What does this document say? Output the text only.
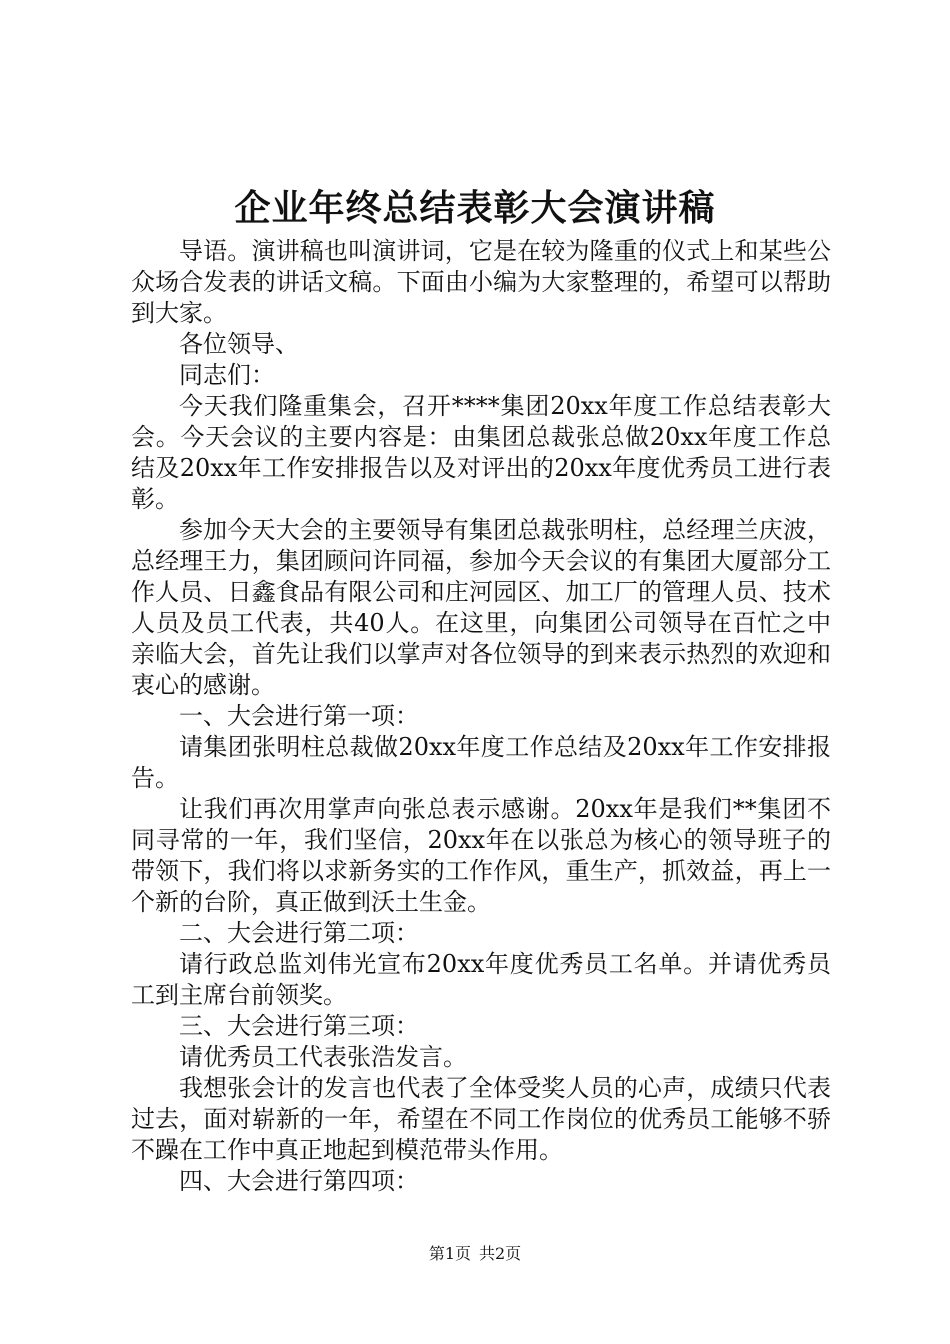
企业年终总结表彰大会演讲稿

导语。演讲稿也叫演讲词，它是在较为隆重的仪式上和某些公众场合发表的讲话文稿。下面由小编为大家整理的，希望可以帮助到大家。

各位领导、

同志们：

今天我们隆重集会，召开****集团20xx年度工作总结表彰大会。今天会议的主要内容是：由集团总裁张总做20xx年度工作总结及20xx年工作安排报告以及对评出的20xx年度优秀员工进行表彰。

参加今天大会的主要领导有集团总裁张明柱，总经理兰庆波，总经理王力，集团顾问许同福，参加今天会议的有集团大厦部分工作人员、日鑫食品有限公司和庄河园区、加工厂的管理人员、技术人员及员工代表，共40人。在这里，向集团公司领导在百忙之中亲临大会，首先让我们以掌声对各位领导的到来表示热烈的欢迎和衷心的感谢。

一、大会进行第一项：

请集团张明柱总裁做20xx年度工作总结及20xx年工作安排报告。

让我们再次用掌声向张总表示感谢。20xx年是我们**集团不同寻常的一年，我们坚信，20xx年在以张总为核心的领导班子的带领下，我们将以求新务实的工作作风，重生产，抓效益，再上一个新的台阶，真正做到沃土生金。

二、大会进行第二项：

请行政总监刘伟光宣布20xx年度优秀员工名单。并请优秀员工到主席台前领奖。

三、大会进行第三项：

请优秀员工代表张浩发言。

我想张会计的发言也代表了全体受奖人员的心声，成绩只代表过去，面对崭新的一年，希望在不同工作岗位的优秀员工能够不骄不躁在工作中真正地起到模范带头作用。

四、大会进行第四项：

第1页 共2页
